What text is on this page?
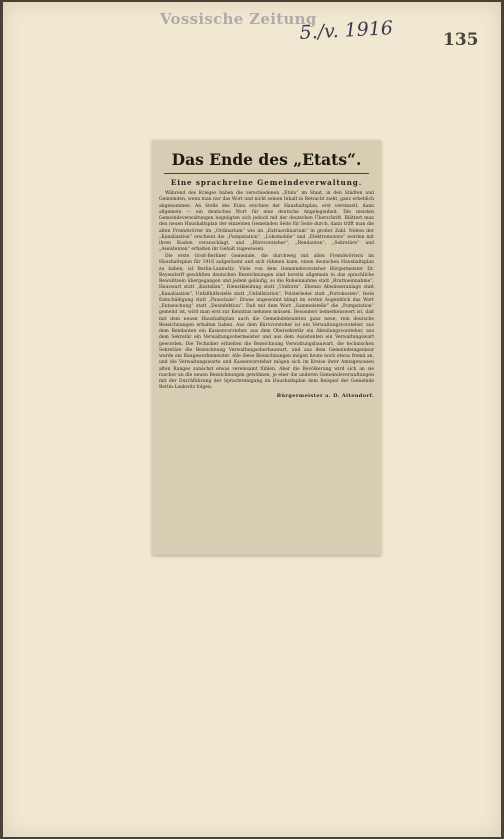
Vossische Zeitung
5./v. 1916	135
Das Ende des „Etats“.
Eine sprachreine Gemeindeverwaltung.

Während des Krieges haben die verschiedenen „Etats“ im Staat, in den Städten und Gemeinden, wenn man nur das Wort und nicht seinen Inhalt in Betracht zieht, ganz erheblich abgenommen. An Stelle des Etats erschien der Haushaltsplan, erst vereinzelt, dann allgemein — ein deutsches Wort für eine deutsche Angelegenheit. Die meisten Gemeindeverwaltungen begnügten sich jedoch mit der deutschen Überschrift. Blättert man den neuen Haushaltsplan der einzelnen Gemeinden Seite für Seite durch, dann trifft man die alten Fremdwörter im „Ordinarium“ wie im „Extraordinarium“ in großer Zahl. Neben der „Kanalisation“ erscheint die „Pumpstation“, „Lokomobile“ und „Elektromotore“ werden mit ihren Kosten veranschlagt, und „Bürovorsteher“, „Rendanten“, „Sekretäre“ und „Assistenten“ erhalten ihr Gehalt zugewiesen.

Die erste Groß-Berliner Gemeinde, die durchweg mit allen Fremdwörtern im Haushaltsplan für 1916 aufgeräumt und sich rühmen kann, einen deutschen Haushaltsplan zu haben, ist Berlin-Lankwitz. Viele von dem Gemeindevorsteher Bürgermeister Dr. Beyendorff gewählten deutschen Bezeichnungen sind bereits allgemein in das sprachliche Bewußtsein übergegangen und jedem geläufig, so die Roheinnahme statt „Bruttoeinnahme“, Hauswart statt „Kastellan“, Dienstkleidung statt „Uniform“. Ebenso Abwässeranlage statt „Kanalisation“, Unfallhilfsstelle statt „Unfallstation“, Polsterleder statt „Portokosten“, feste Entschädigung statt „Pauschale“. Etwas ungewohnt klingt im ersten Augenblick das Wort „Entseuchung“ statt „Desinfektion“. Daß mit dem Wort „Sammelstelle“ die „Pumpstation“ gemeint ist, wird man erst zur Kenntnis nehmen müssen. Besonders bemerkenswert ist, daß mit dem neuen Haushaltsplan auch die Gemeindebeamten ganz neue, rein deutsche Bezeichnungen erhalten haben. Aus dem Bürovorsteher ist ein Verwaltungsvorsteher, aus dem Rendanten ein Kassenvorsteher, aus dem Obersekretär ein Abteilungsvorsteher, aus dem Sekretär ein Verwaltungsobermeister und aus dem Assistenten ein Verwaltungswart geworden. Die Techniker erhielten die Bezeichnung Verwaltungsbauwart, die technischen Sekretäre die Bezeichnung Verwaltungsoberbauwart, und aus dem Gemeindeingenieur wurde ein Baugewerkemeister. Alle diese Bezeichnungen mögen heute noch etwas fremd an, und die Verwaltungswarte und Kassenvorsteher mögen sich im Kreise ihrer Amtsgenossen alten Ranges zunächst etwas vereinsamt fühlen. Aber die Bevölkerung wird sich an sie rascher an die neuen Bezeichnungen gewöhnen, je eher die anderen Gemeindeverwaltungen mit der Durchführung der Sprachreinigung im Haushaltsplan dem Beispiel der Gemeinde Berlin-Lankwitz folgen.

Bürgermeister a. D. Altendorf.
